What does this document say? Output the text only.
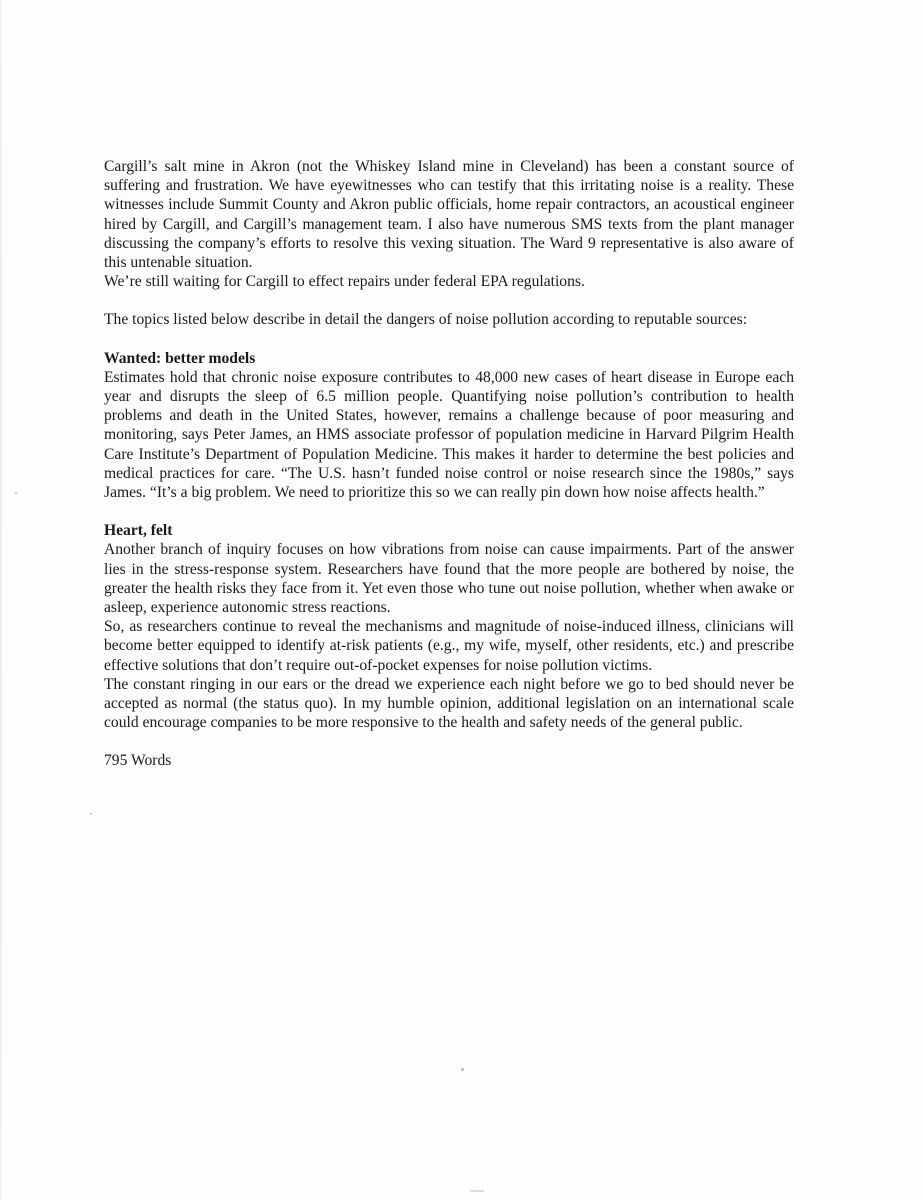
Cargill’s salt mine in Akron (not the Whiskey Island mine in Cleveland) has been a constant source of suffering and frustration. We have eyewitnesses who can testify that this irritating noise is a reality. These witnesses include Summit County and Akron public officials, home repair contractors, an acoustical engineer hired by Cargill, and Cargill’s management team. I also have numerous SMS texts from the plant manager discussing the company’s efforts to resolve this vexing situation. The Ward 9 representative is also aware of this untenable situation.

We’re still waiting for Cargill to effect repairs under federal EPA regulations.

The topics listed below describe in detail the dangers of noise pollution according to reputable sources:

Wanted: better models

Estimates hold that chronic noise exposure contributes to 48,000 new cases of heart disease in Europe each year and disrupts the sleep of 6.5 million people. Quantifying noise pollution’s contribution to health problems and death in the United States, however, remains a challenge because of poor measuring and monitoring, says Peter James, an HMS associate professor of population medicine in Harvard Pilgrim Health Care Institute’s Department of Population Medicine. This makes it harder to determine the best policies and medical practices for care. “The U.S. hasn’t funded noise control or noise research since the 1980s,” says James. “It’s a big problem. We need to prioritize this so we can really pin down how noise affects health.”

Heart, felt

Another branch of inquiry focuses on how vibrations from noise can cause impairments. Part of the answer lies in the stress-response system. Researchers have found that the more people are bothered by noise, the greater the health risks they face from it. Yet even those who tune out noise pollution, whether when awake or asleep, experience autonomic stress reactions.

So, as researchers continue to reveal the mechanisms and magnitude of noise-induced illness, clinicians will become better equipped to identify at-risk patients (e.g., my wife, myself, other residents, etc.) and prescribe effective solutions that don’t require out-of-pocket expenses for noise pollution victims.

The constant ringing in our ears or the dread we experience each night before we go to bed should never be accepted as normal (the status quo). In my humble opinion, additional legislation on an international scale could encourage companies to be more responsive to the health and safety needs of the general public.

795 Words
